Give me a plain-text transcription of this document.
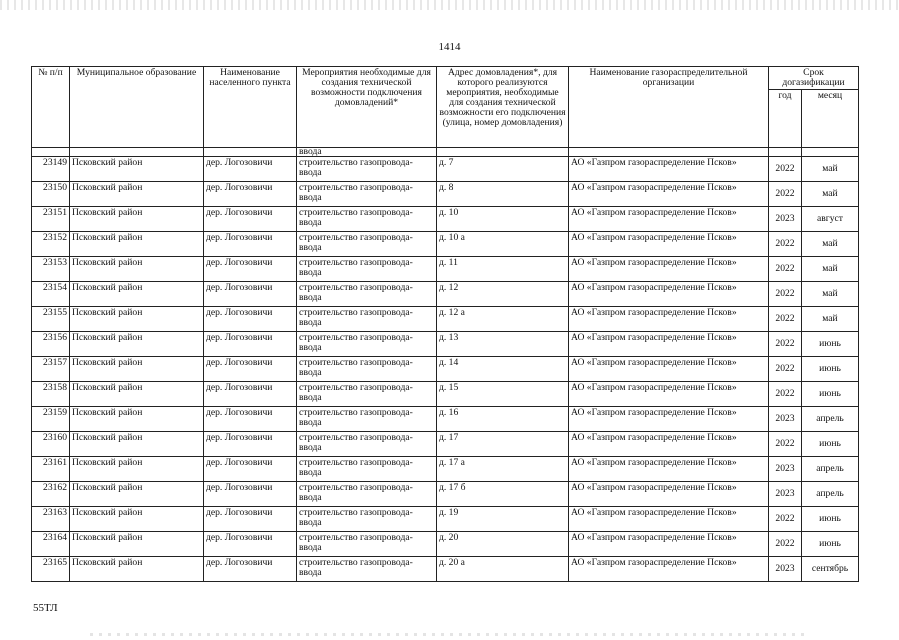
1414
№ п/п	Муниципальное образование	Наименование населенного пункта	Мероприятия необходимые для создания технической возможности подключения домовладений*	Адрес домовладения*, для которого реализуются мероприятия, необходимые для создания технической возможности его подключения (улица, номер домовладения)	Наименование газораспределительной организации	Срок догазификации	
						год	месяц
			ввода				
23149	Псковский район	дер. Логозовичи	строительство газопровода-ввода	д. 7	АО «Газпром газораспределение Псков»	2022	май
23150	Псковский район	дер. Логозовичи	строительство газопровода-ввода	д. 8	АО «Газпром газораспределение Псков»	2022	май
23151	Псковский район	дер. Логозовичи	строительство газопровода-ввода	д. 10	АО «Газпром газораспределение Псков»	2023	август
23152	Псковский район	дер. Логозовичи	строительство газопровода-ввода	д. 10 а	АО «Газпром газораспределение Псков»	2022	май
23153	Псковский район	дер. Логозовичи	строительство газопровода-ввода	д. 11	АО «Газпром газораспределение Псков»	2022	май
23154	Псковский район	дер. Логозовичи	строительство газопровода-ввода	д. 12	АО «Газпром газораспределение Псков»	2022	май
23155	Псковский район	дер. Логозовичи	строительство газопровода-ввода	д. 12 а	АО «Газпром газораспределение Псков»	2022	май
23156	Псковский район	дер. Логозовичи	строительство газопровода-ввода	д. 13	АО «Газпром газораспределение Псков»	2022	июнь
23157	Псковский район	дер. Логозовичи	строительство газопровода-ввода	д. 14	АО «Газпром газораспределение Псков»	2022	июнь
23158	Псковский район	дер. Логозовичи	строительство газопровода-ввода	д. 15	АО «Газпром газораспределение Псков»	2022	июнь
23159	Псковский район	дер. Логозовичи	строительство газопровода-ввода	д. 16	АО «Газпром газораспределение Псков»	2023	апрель
23160	Псковский район	дер. Логозовичи	строительство газопровода-ввода	д. 17	АО «Газпром газораспределение Псков»	2022	июнь
23161	Псковский район	дер. Логозовичи	строительство газопровода-ввода	д. 17 а	АО «Газпром газораспределение Псков»	2023	апрель
23162	Псковский район	дер. Логозовичи	строительство газопровода-ввода	д. 17 б	АО «Газпром газораспределение Псков»	2023	апрель
23163	Псковский район	дер. Логозовичи	строительство газопровода-ввода	д. 19	АО «Газпром газораспределение Псков»	2022	июнь
23164	Псковский район	дер. Логозовичи	строительство газопровода-ввода	д. 20	АО «Газпром газораспределение Псков»	2022	июнь
23165	Псковский район	дер. Логозовичи	строительство газопровода-ввода	д. 20 а	АО «Газпром газораспределение Псков»	2023	сентябрь
55ТЛ
